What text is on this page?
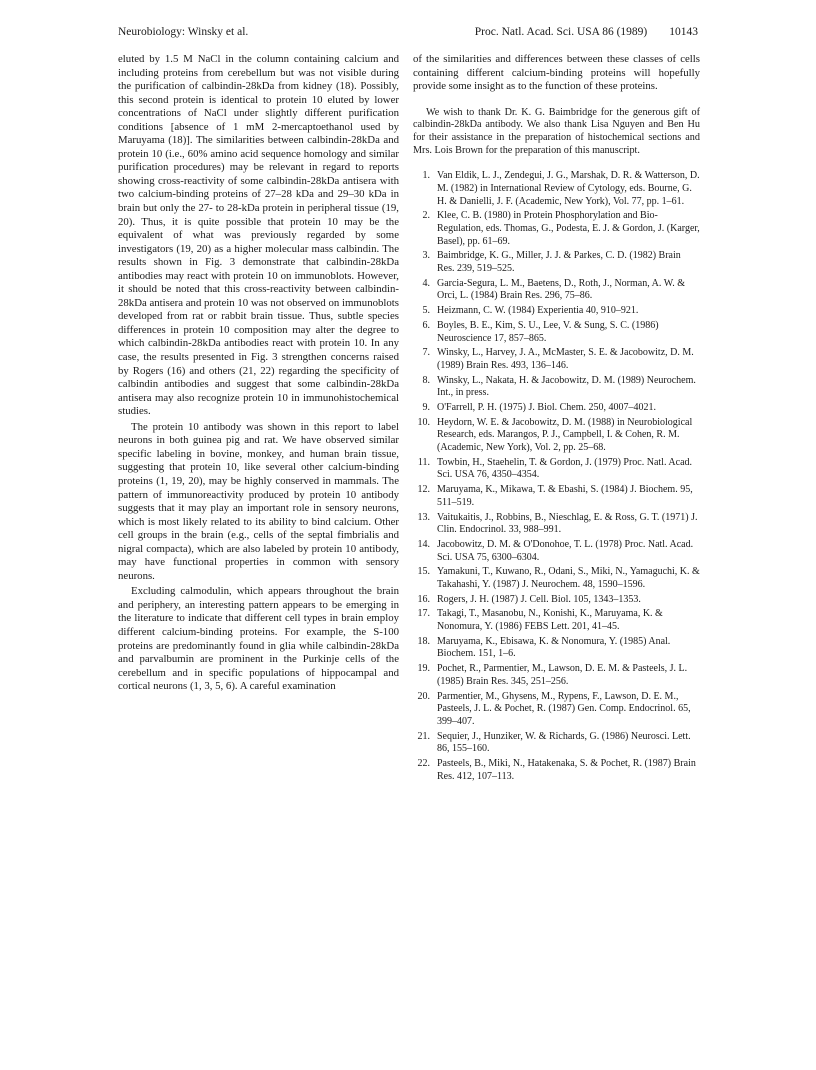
Neurobiology: Winsky et al.	Proc. Natl. Acad. Sci. USA 86 (1989) 10143

eluted by 1.5 M NaCl in the column containing calcium and including proteins from cerebellum but was not visible during the purification of calbindin-28kDa from kidney (18). Possibly, this second protein is identical to protein 10 eluted by lower concentrations of NaCl under slightly different purification conditions [absence of 1 mM 2-mercaptoethanol used by Maruyama (18)]. The similarities between calbindin-28kDa and protein 10 (i.e., 60% amino acid sequence homology and similar purification procedures) may be relevant in regard to reports showing cross-reactivity of some calbindin-28kDa antisera with two calcium-binding proteins of 27–28 kDa and 29–30 kDa in brain but only the 27- to 28-kDa protein in peripheral tissue (19, 20). Thus, it is quite possible that protein 10 may be the equivalent of what was previously regarded by some investigators (19, 20) as a higher molecular mass calbindin. The results shown in Fig. 3 demonstrate that calbindin-28kDa antibodies may react with protein 10 on immunoblots. However, it should be noted that this cross-reactivity between calbindin-28kDa antisera and protein 10 was not observed on immunoblots developed from rat or rabbit brain tissue. Thus, subtle species differences in protein 10 composition may alter the degree to which calbindin-28kDa antibodies react with protein 10. In any case, the results presented in Fig. 3 strengthen concerns raised by Rogers (16) and others (21, 22) regarding the specificity of calbindin antibodies and suggest that some calbindin-28kDa antisera may also recognize protein 10 in immunohistochemical studies.

The protein 10 antibody was shown in this report to label neurons in both guinea pig and rat. We have observed similar specific labeling in bovine, monkey, and human brain tissue, suggesting that protein 10, like several other calcium-binding proteins (1, 19, 20), may be highly conserved in mammals. The pattern of immunoreactivity produced by protein 10 antibody suggests that it may play an important role in sensory neurons, which is most likely related to its ability to bind calcium. Other cell groups in the brain (e.g., cells of the septal fimbrialis and nigral compacta), which are also labeled by protein 10 antibody, may have functional properties in common with sensory neurons.

Excluding calmodulin, which appears throughout the brain and periphery, an interesting pattern appears to be emerging in the literature to indicate that different cell types in brain employ different calcium-binding proteins. For example, the S-100 proteins are predominantly found in glia while calbindin-28kDa and parvalbumin are prominent in the Purkinje cells of the cerebellum and in specific populations of hippocampal and cortical neurons (1, 3, 5, 6). A careful examination

of the similarities and differences between these classes of cells containing different calcium-binding proteins will hopefully provide some insight as to the function of these proteins.

We wish to thank Dr. K. G. Baimbridge for the generous gift of calbindin-28kDa antibody. We also thank Lisa Nguyen and Ben Hu for their assistance in the preparation of histochemical sections and Mrs. Lois Brown for the preparation of this manuscript.

1. Van Eldik, L. J., Zendegui, J. G., Marshak, D. R. & Watterson, D. M. (1982) in International Review of Cytology, eds. Bourne, G. H. & Danielli, J. F. (Academic, New York), Vol. 77, pp. 1–61.
2. Klee, C. B. (1980) in Protein Phosphorylation and Bio-Regulation, eds. Thomas, G., Podesta, E. J. & Gordon, J. (Karger, Basel), pp. 61–69.
3. Baimbridge, K. G., Miller, J. J. & Parkes, C. D. (1982) Brain Res. 239, 519–525.
4. Garcia-Segura, L. M., Baetens, D., Roth, J., Norman, A. W. & Orci, L. (1984) Brain Res. 296, 75–86.
5. Heizmann, C. W. (1984) Experientia 40, 910–921.
6. Boyles, B. E., Kim, S. U., Lee, V. & Sung, S. C. (1986) Neuroscience 17, 857–865.
7. Winsky, L., Harvey, J. A., McMaster, S. E. & Jacobowitz, D. M. (1989) Brain Res. 493, 136–146.
8. Winsky, L., Nakata, H. & Jacobowitz, D. M. (1989) Neurochem. Int., in press.
9. O'Farrell, P. H. (1975) J. Biol. Chem. 250, 4007–4021.
10. Heydorn, W. E. & Jacobowitz, D. M. (1988) in Neurobiological Research, eds. Marangos, P. J., Campbell, I. & Cohen, R. M. (Academic, New York), Vol. 2, pp. 25–68.
11. Towbin, H., Staehelin, T. & Gordon, J. (1979) Proc. Natl. Acad. Sci. USA 76, 4350–4354.
12. Maruyama, K., Mikawa, T. & Ebashi, S. (1984) J. Biochem. 95, 511–519.
13. Vaitukaitis, J., Robbins, B., Nieschlag, E. & Ross, G. T. (1971) J. Clin. Endocrinol. 33, 988–991.
14. Jacobowitz, D. M. & O'Donohoe, T. L. (1978) Proc. Natl. Acad. Sci. USA 75, 6300–6304.
15. Yamakuni, T., Kuwano, R., Odani, S., Miki, N., Yamaguchi, K. & Takahashi, Y. (1987) J. Neurochem. 48, 1590–1596.
16. Rogers, J. H. (1987) J. Cell. Biol. 105, 1343–1353.
17. Takagi, T., Masanobu, N., Konishi, K., Maruyama, K. & Nonomura, Y. (1986) FEBS Lett. 201, 41–45.
18. Maruyama, K., Ebisawa, K. & Nonomura, Y. (1985) Anal. Biochem. 151, 1–6.
19. Pochet, R., Parmentier, M., Lawson, D. E. M. & Pasteels, J. L. (1985) Brain Res. 345, 251–256.
20. Parmentier, M., Ghysens, M., Rypens, F., Lawson, D. E. M., Pasteels, J. L. & Pochet, R. (1987) Gen. Comp. Endocrinol. 65, 399–407.
21. Sequier, J., Hunziker, W. & Richards, G. (1986) Neurosci. Lett. 86, 155–160.
22. Pasteels, B., Miki, N., Hatakenaka, S. & Pochet, R. (1987) Brain Res. 412, 107–113.
